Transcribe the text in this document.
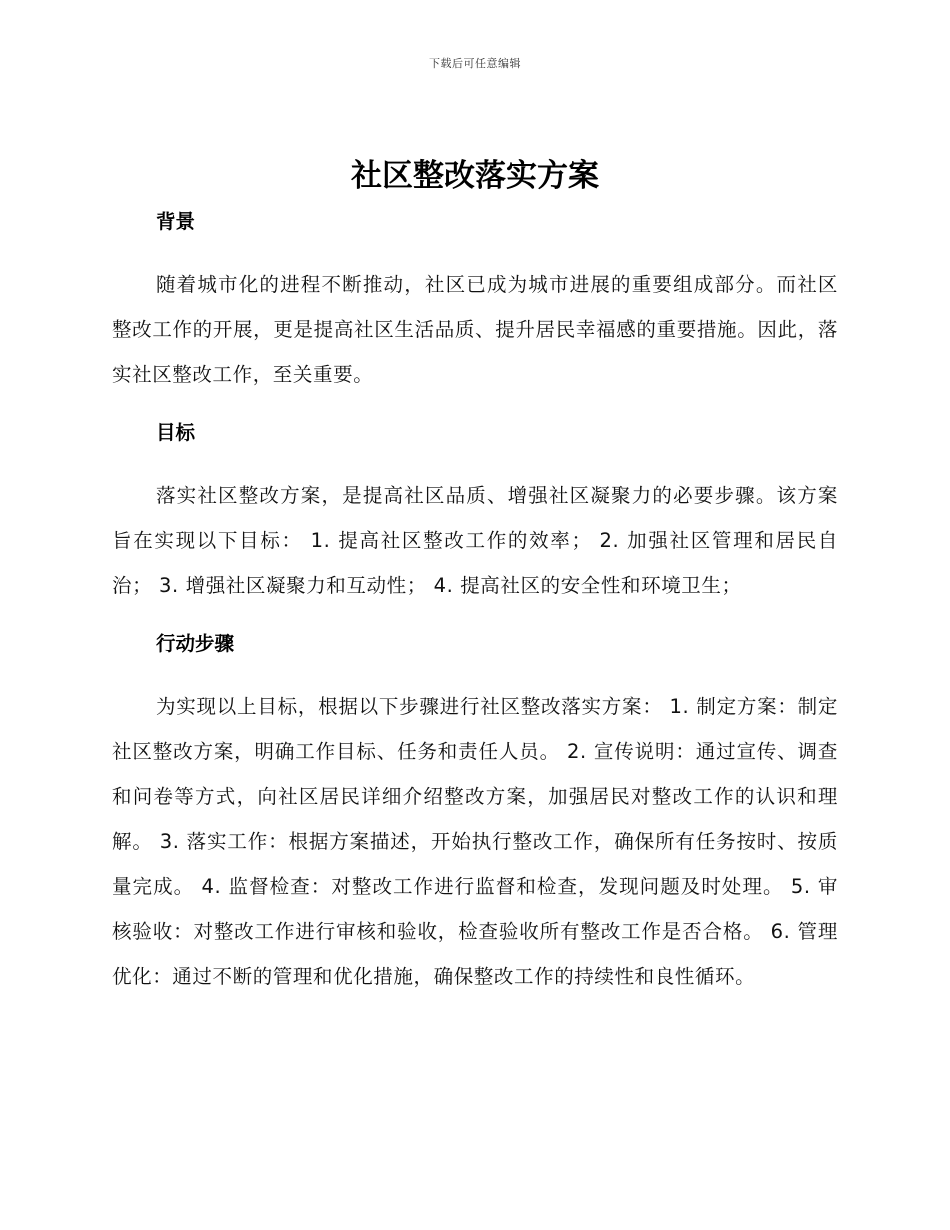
下载后可任意编辑
社区整改落实方案
背景

随着城市化的进程不断推动，社区已成为城市进展的重要组成部分。而社区整改工作的开展，更是提高社区生活品质、提升居民幸福感的重要措施。因此，落实社区整改工作，至关重要。

目标

落实社区整改方案，是提高社区品质、增强社区凝聚力的必要步骤。该方案旨在实现以下目标： 1. 提高社区整改工作的效率； 2. 加强社区管理和居民自治； 3. 增强社区凝聚力和互动性； 4. 提高社区的安全性和环境卫生；

行动步骤

为实现以上目标，根据以下步骤进行社区整改落实方案： 1. 制定方案：制定社区整改方案，明确工作目标、任务和责任人员。 2. 宣传说明：通过宣传、调查和问卷等方式，向社区居民详细介绍整改方案，加强居民对整改工作的认识和理解。 3. 落实工作：根据方案描述，开始执行整改工作，确保所有任务按时、按质量完成。 4. 监督检查：对整改工作进行监督和检查，发现问题及时处理。 5. 审核验收：对整改工作进行审核和验收，检查验收所有整改工作是否合格。 6. 管理优化：通过不断的管理和优化措施，确保整改工作的持续性和良性循环。
